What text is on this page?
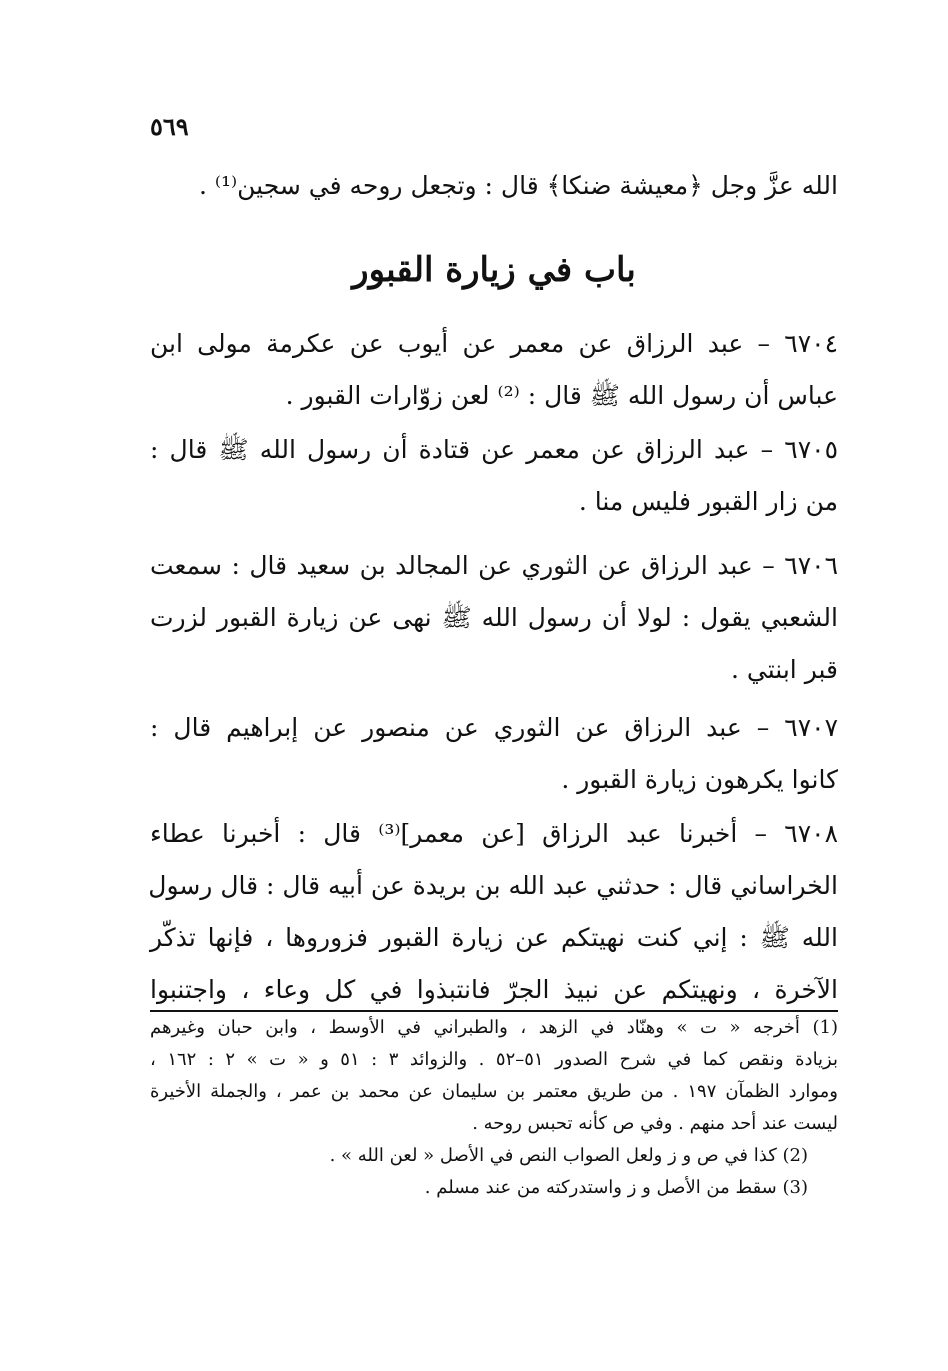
٥٦٩
الله عزَّ وجل ﴿معيشة ضنكا﴾ قال : وتجعل روحه في سجين⁽¹⁾ .
باب في زيارة القبور
٦٧٠٤ – عبد الرزاق عن معمر عن أيوب عن عكرمة مولى ابن
عباس أن رسول الله ﷺ قال : ⁽²⁾ لعن زوّارات القبور .
٦٧٠٥ – عبد الرزاق عن معمر عن قتادة أن رسول الله ﷺ قال :
من زار القبور فليس منا .
٦٧٠٦ – عبد الرزاق عن الثوري عن المجالد بن سعيد قال : سمعت
الشعبي يقول : لولا أن رسول الله ﷺ نهى عن زيارة القبور لزرت
قبر ابنتي .
٦٧٠٧ – عبد الرزاق عن الثوري عن منصور عن إبراهيم قال :
كانوا يكرهون زيارة القبور .
٦٧٠٨ – أخبرنا عبد الرزاق [عن معمر]⁽³⁾ قال : أخبرنا عطاء
الخراساني قال : حدثني عبد الله بن بريدة عن أبيه قال : قال رسول
الله ﷺ : إني كنت نهيتكم عن زيارة القبور فزوروها ، فإنها تذكّر
الآخرة ، ونهيتكم عن نبيذ الجرّ فانتبذوا في كل وعاء ، واجتنبوا
(1) أخرجه « ت » وهنّاد في الزهد ، والطبراني في الأوسط ، وابن حبان وغيرهم
بزيادة ونقص كما في شرح الصدور ٥١–٥٢ . والزوائد ٣ : ٥١ و « ت » ٢ : ١٦٢ ،
وموارد الظمآن ١٩٧ . من طريق معتمر بن سليمان عن محمد بن عمر ، والجملة الأخيرة
ليست عند أحد منهم . وفي ص كأنه تحبس روحه .
(2) كذا في ص و ز ولعل الصواب النص في الأصل « لعن الله » .
(3) سقط من الأصل و ز واستدركته من عند مسلم .
